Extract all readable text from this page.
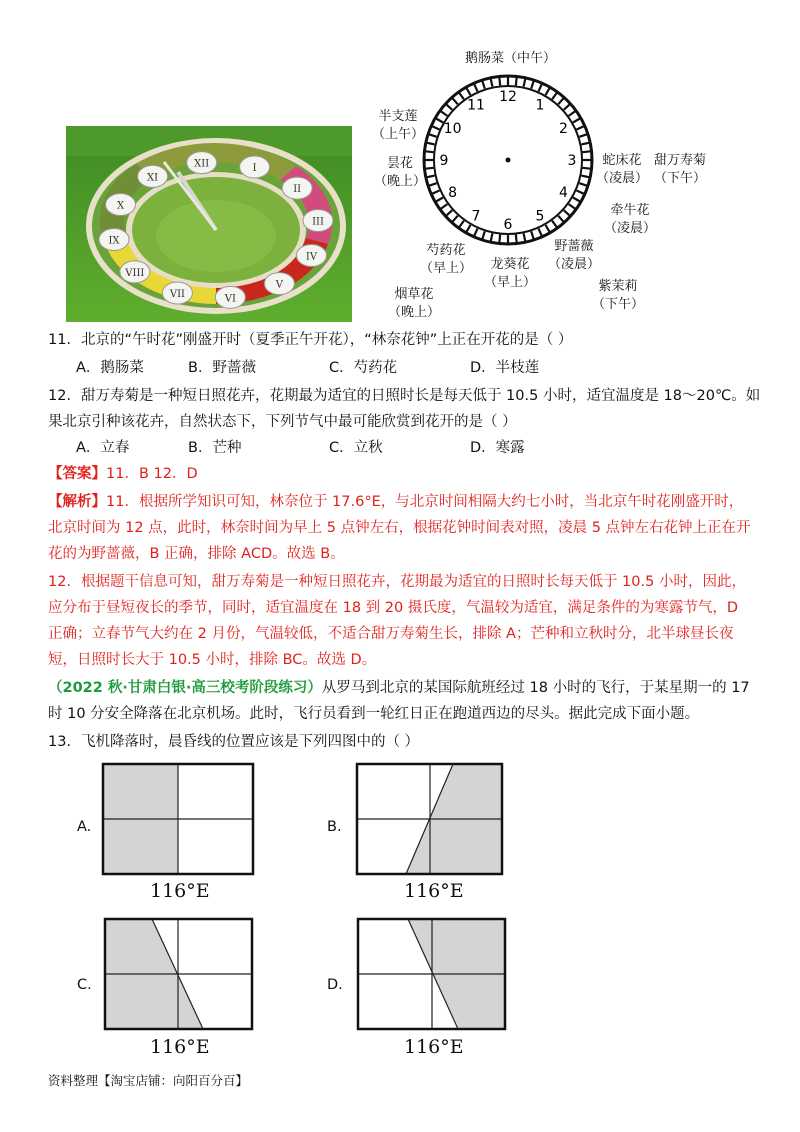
XII	I
II
III
IV
V
VI
VII
VIII
IX
X
XI
12
1
2
3
4
5
6
7
8
9
10
11
鹅肠菜（中午）
半支莲
（上午）
昙花
（晚上）
蛇床花
（凌晨）
甜万寿菊
（下午）
牵牛花
（凌晨）
野蔷薇
（凌晨）
芍药花
（早上）	龙葵花
（早上）
烟草花
（晚上）
紫茉莉
（下午）
11．北京的“午时花”刚盛开时（夏季正午开花），“林奈花钟”上正在开花的是（ ）
A．鹅肠菜	B．野蔷薇	C．芍药花	D．半枝莲
12．甜万寿菊是一种短日照花卉，花期最为适宜的日照时长是每天低于 10.5 小时，适宜温度是 18～20℃。如
果北京引种该花卉，自然状态下，下列节气中最可能欣赏到花开的是（ ）
A．立春	B．芒种	C．立秋	D．寒露
【答案】11．B 12．D
【解析】11．根据所学知识可知，林奈位于 17.6°E，与北京时间相隔大约七小时，当北京午时花刚盛开时，
北京时间为 12 点，此时，林奈时间为早上 5 点钟左右，根据花钟时间表对照，凌晨 5 点钟左右花钟上正在开
花的为野蔷薇，B 正确，排除 ACD。故选 B。
12．根据题干信息可知，甜万寿菊是一种短日照花卉，花期最为适宜的日照时长每天低于 10.5 小时，因此，
应分布于昼短夜长的季节，同时，适宜温度在 18 到 20 摄氏度，气温较为适宜，满足条件的为寒露节气，D
正确；立春节气大约在 2 月份，气温较低，不适合甜万寿菊生长，排除 A；芒种和立秋时分，北半球昼长夜
短，日照时长大于 10.5 小时，排除 BC。故选 D。
（2022 秋·甘肃白银·高三校考阶段练习）从罗马到北京的某国际航班经过 18 小时的飞行，于某星期一的 17
时 10 分安全降落在北京机场。此时，飞行员看到一轮红日正在跑道西边的尽头。据此完成下面小题。
13．飞机降落时，晨昏线的位置应该是下列四图中的（ ）
A.	B.
C.	D.
116°E	116°E
116°E	116°E
资料整理【淘宝店铺：向阳百分百】
